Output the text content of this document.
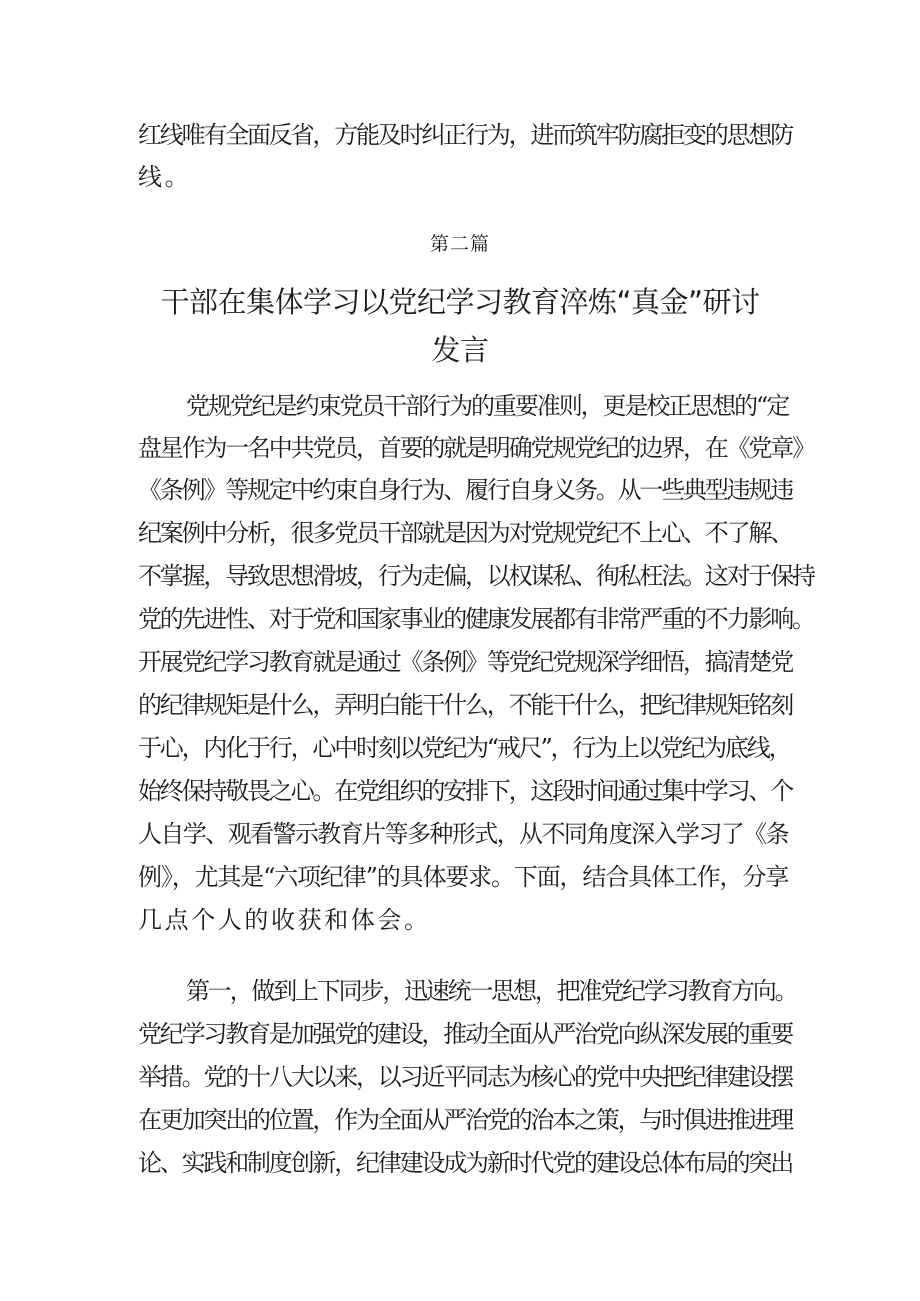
红线唯有全面反省，方能及时纠正行为，进而筑牢防腐拒变的思想防
线。
第二篇
干部在集体学习以党纪学习教育淬炼“真金”研讨
发言
党规党纪是约束党员干部行为的重要准则，更是校正思想的“定
盘星作为一名中共党员，首要的就是明确党规党纪的边界，在《党章》
《条例》等规定中约束自身行为、履行自身义务。从一些典型违规违
纪案例中分析，很多党员干部就是因为对党规党纪不上心、不了解、
不掌握，导致思想滑坡，行为走偏，以权谋私、徇私枉法。这对于保持
党的先进性、对于党和国家事业的健康发展都有非常严重的不力影响。
开展党纪学习教育就是通过《条例》等党纪党规深学细悟，搞清楚党
的纪律规矩是什么，弄明白能干什么，不能干什么，把纪律规矩铭刻
于心，内化于行，心中时刻以党纪为“戒尺”，行为上以党纪为底线，
始终保持敬畏之心。在党组织的安排下，这段时间通过集中学习、个
人自学、观看警示教育片等多种形式，从不同角度深入学习了《条
例》，尤其是“六项纪律”的具体要求。下面，结合具体工作，分享
几点个人的收获和体会。
第一，做到上下同步，迅速统一思想，把准党纪学习教育方向。
党纪学习教育是加强党的建设，推动全面从严治党向纵深发展的重要
举措。党的十八大以来，以习近平同志为核心的党中央把纪律建设摆
在更加突出的位置，作为全面从严治党的治本之策，与时俱进推进理
论、实践和制度创新，纪律建设成为新时代党的建设总体布局的突出
